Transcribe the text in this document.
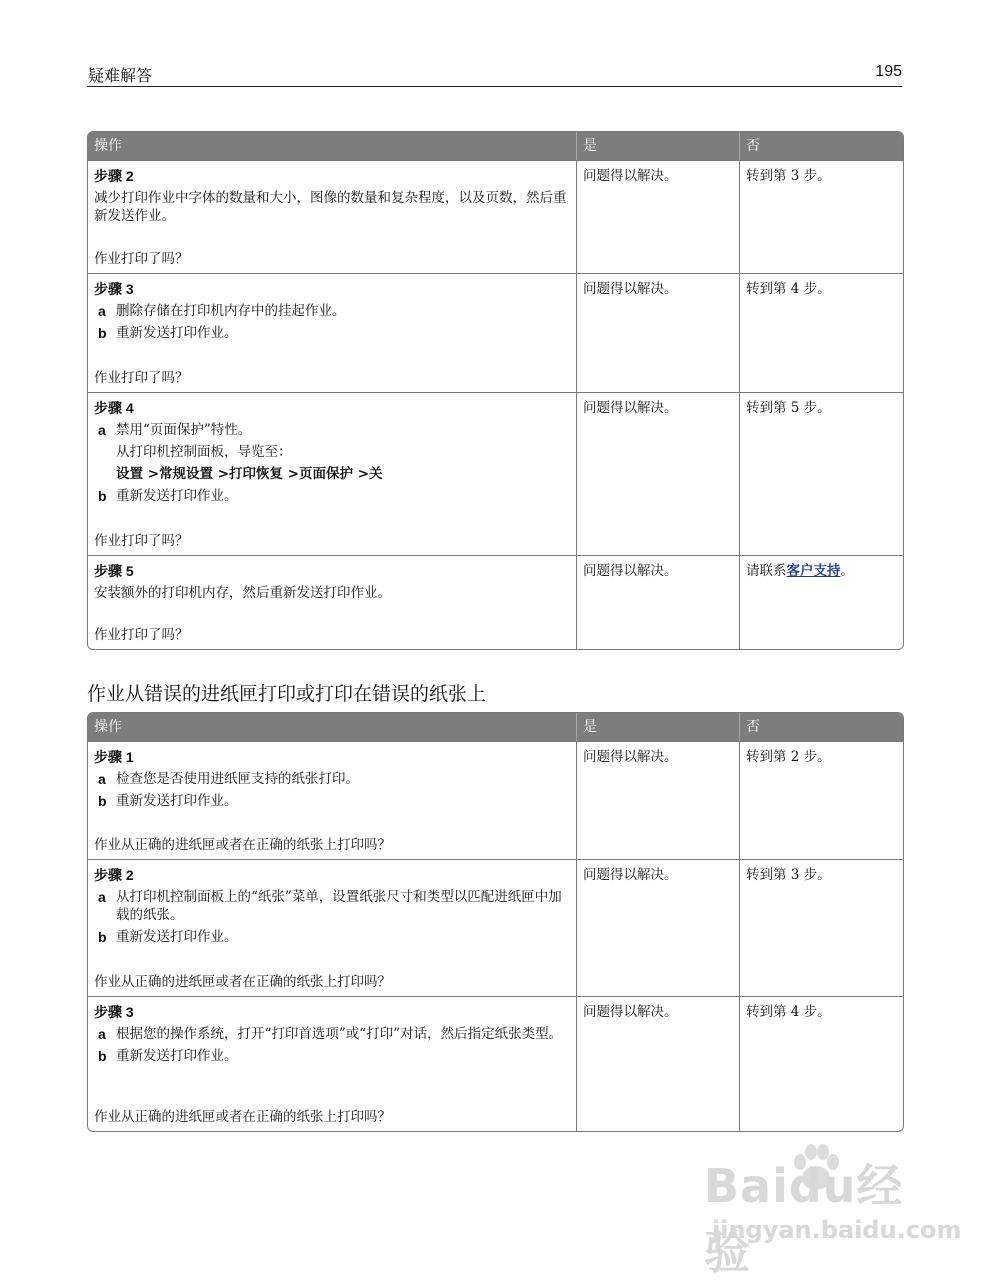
疑难解答	195
操作	是	否
步骤 2

减少打印作业中字体的数量和大小，图像的数量和复杂程度，以及页数，然后重新发送作业。

作业打印了吗？
问题得以解决。	转到第 3 步。
步骤 3
a 删除存储在打印机内存中的挂起作业。
b 重新发送打印作业。
作业打印了吗？
问题得以解决。	转到第 4 步。
步骤 4
a 禁用“页面保护”特性。
从打印机控制面板，导览至：
设置 >常规设置 >打印恢复 >页面保护 >关
b 重新发送打印作业。
作业打印了吗？
问题得以解决。	转到第 5 步。
步骤 5

安装额外的打印机内存，然后重新发送打印作业。

作业打印了吗？
问题得以解决。	请联系客户支持。
作业从错误的进纸匣打印或打印在错误的纸张上
操作	是	否
步骤 1
a 检查您是否使用进纸匣支持的纸张打印。
b 重新发送打印作业。
作业从正确的进纸匣或者在正确的纸张上打印吗？
问题得以解决。	转到第 2 步。
步骤 2
a 从打印机控制面板上的“纸张”菜单，设置纸张尺寸和类型以匹配进纸匣中加载的纸张。
b 重新发送打印作业。
作业从正确的进纸匣或者在正确的纸张上打印吗？
问题得以解决。	转到第 3 步。
步骤 3
a 根据您的操作系统，打开“打印首选项”或“打印”对话，然后指定纸张类型。
b 重新发送打印作业。
作业从正确的进纸匣或者在正确的纸张上打印吗？
问题得以解决。	转到第 4 步。
Baidu经验
jingyan.baidu.com
